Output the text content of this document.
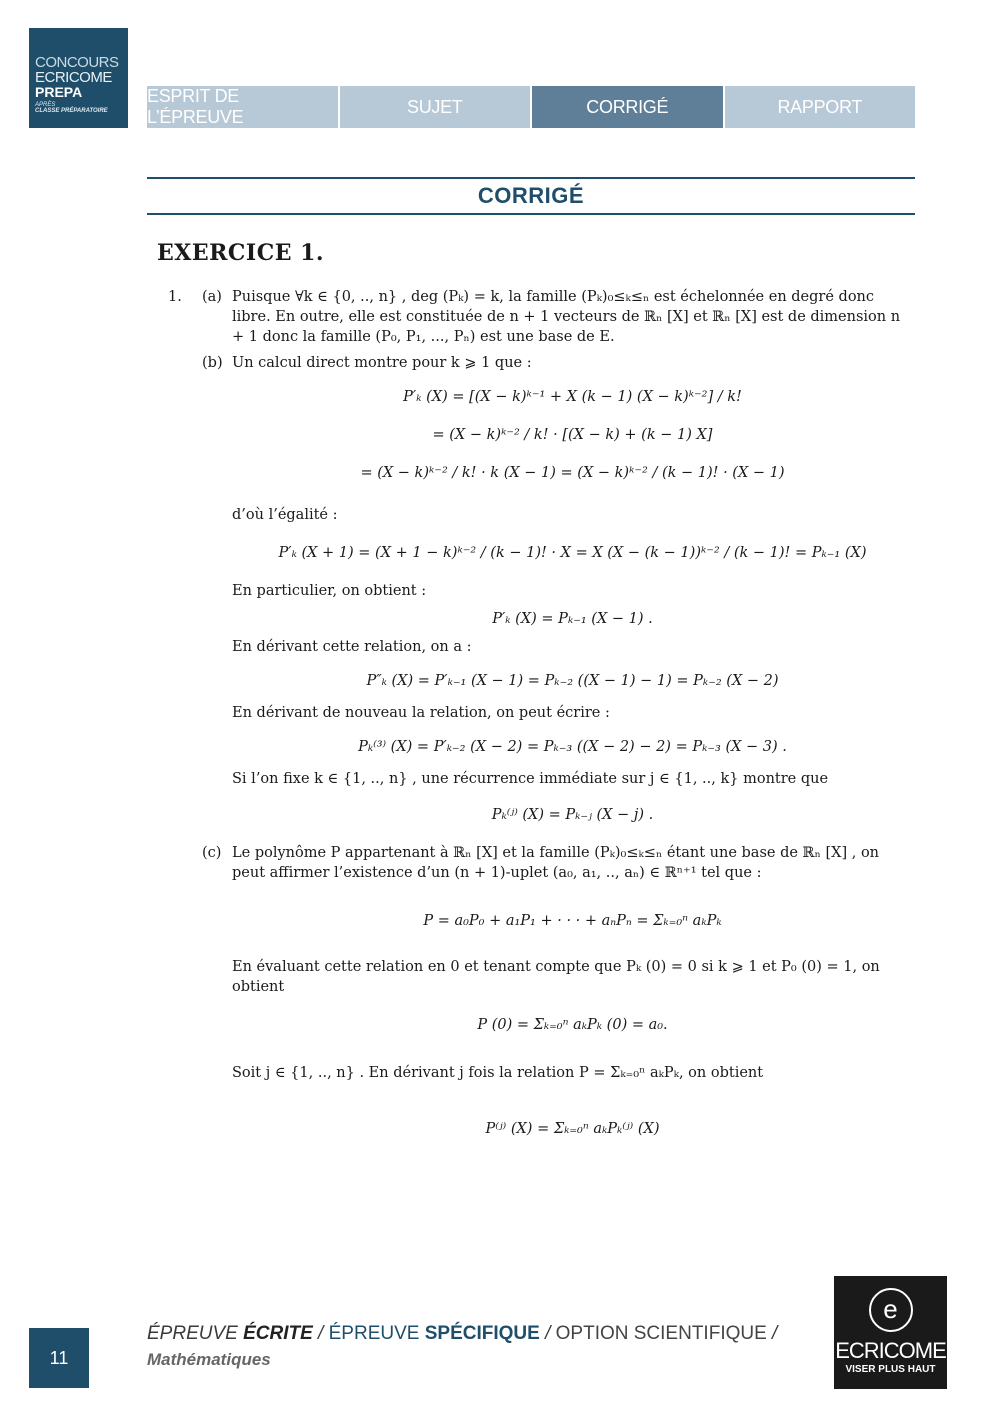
CONCOURS
ECRICOME
PREPA
APRÈS
CLASSE PRÉPARATOIRE
ESPRIT DE L’ÉPREUVE
SUJET	CORRIGÉ	RAPPORT
CORRIGÉ
EXERCICE 1.
1.	(a) Puisque ∀k ∈ {0, .., n} , deg (Pₖ) = k, la famille (Pₖ)₀≤ₖ≤ₙ est échelonnée en degré donc libre. En outre, elle est constituée de n + 1 vecteurs de ℝₙ [X] et ℝₙ [X] est de dimension n + 1 donc la famille (P₀, P₁, ..., Pₙ) est une base de E.
(b) Un calcul direct montre pour k ⩾ 1 que :
P′ₖ (X) = [(X − k)ᵏ⁻¹ + X (k − 1) (X − k)ᵏ⁻²] / k!
= (X − k)ᵏ⁻² / k! · [(X − k) + (k − 1) X]
= (X − k)ᵏ⁻² / k! · k (X − 1) = (X − k)ᵏ⁻² / (k − 1)! · (X − 1)
d’où l’égalité :
P′ₖ (X + 1) = (X + 1 − k)ᵏ⁻² / (k − 1)! · X = X (X − (k − 1))ᵏ⁻² / (k − 1)! = Pₖ₋₁ (X)
En particulier, on obtient :
P′ₖ (X) = Pₖ₋₁ (X − 1) .
En dérivant cette relation, on a :
P″ₖ (X) = P′ₖ₋₁ (X − 1) = Pₖ₋₂ ((X − 1) − 1) = Pₖ₋₂ (X − 2)
En dérivant de nouveau la relation, on peut écrire :
Pₖ⁽³⁾ (X) = P′ₖ₋₂ (X − 2) = Pₖ₋₃ ((X − 2) − 2) = Pₖ₋₃ (X − 3) .
Si l’on fixe k ∈ {1, .., n} , une récurrence immédiate sur j ∈ {1, .., k} montre que
Pₖ⁽ʲ⁾ (X) = Pₖ₋ⱼ (X − j) .
(c) Le polynôme P appartenant à ℝₙ [X] et la famille (Pₖ)₀≤ₖ≤ₙ étant une base de ℝₙ [X] , on peut affirmer l’existence d’un (n + 1)-uplet (a₀, a₁, .., aₙ) ∈ ℝⁿ⁺¹ tel que :
P = a₀P₀ + a₁P₁ + · · · + aₙPₙ = Σₖ₌₀ⁿ aₖPₖ
En évaluant cette relation en 0 et tenant compte que Pₖ (0) = 0 si k ⩾ 1 et P₀ (0) = 1, on obtient
P (0) = Σₖ₌₀ⁿ aₖPₖ (0) = a₀.
Soit j ∈ {1, .., n} . En dérivant j fois la relation P = Σₖ₌₀ⁿ aₖPₖ, on obtient
P⁽ʲ⁾ (X) = Σₖ₌₀ⁿ aₖPₖ⁽ʲ⁾ (X)
11
ÉPREUVE ÉCRITE / ÉPREUVE SPÉCIFIQUE / OPTION SCIENTIFIQUE /
Mathématiques
e
ECRICOME
VISER PLUS HAUT
